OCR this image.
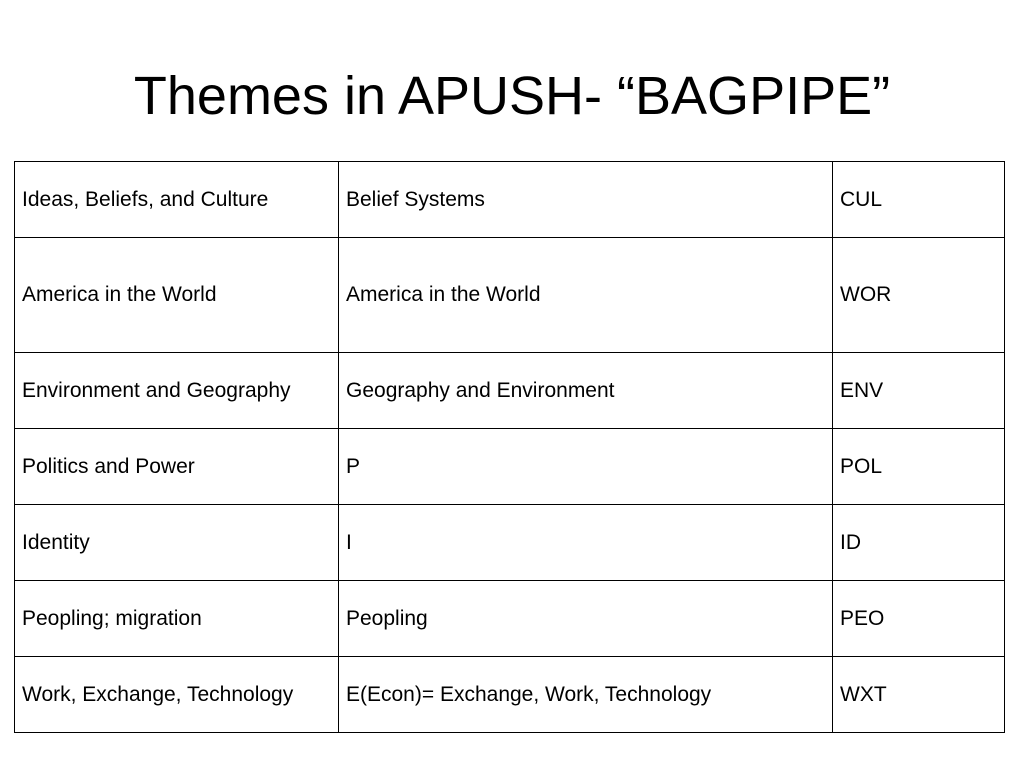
Themes in APUSH- “BAGPIPE”
Ideas, Beliefs, and Culture	Belief Systems	CUL
America in the World	America in the World	WOR
Environment and Geography	Geography and Environment	ENV
Politics and Power	P	POL
Identity	I	ID
Peopling; migration	Peopling	PEO
Work, Exchange, Technology	E(Econ)= Exchange, Work, Technology	WXT
